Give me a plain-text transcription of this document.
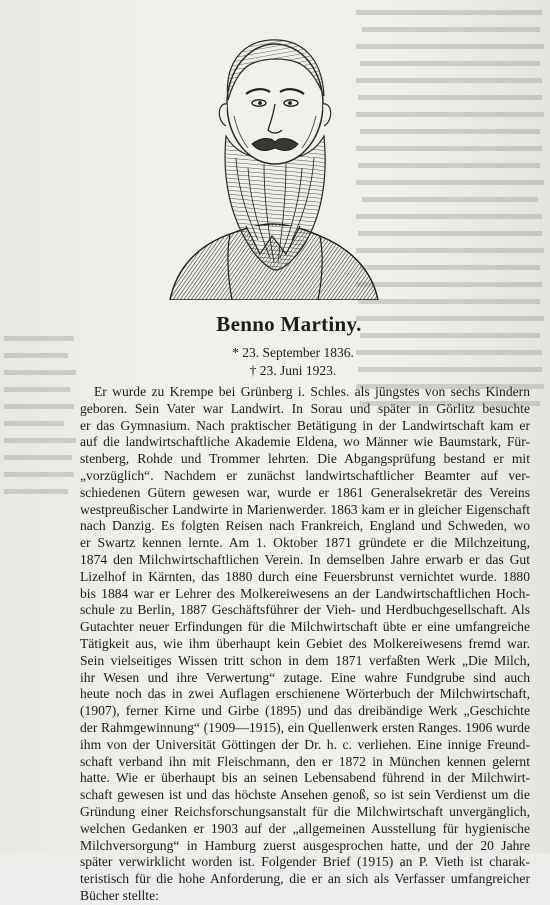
Benno Martiny.
* 23. September 1836.
† 23. Juni 1923.
Er wurde zu Krempe bei Grünberg i. Schles. als jüngstes von sechs Kindern
geboren. Sein Vater war Landwirt. In Sorau und später in Görlitz besuchte
er das Gymnasium. Nach praktischer Betätigung in der Landwirtschaft kam er
auf die landwirtschaftliche Akademie Eldena, wo Männer wie Baumstark, Für-
stenberg, Rohde und Trommer lehrten. Die Abgangsprüfung bestand er mit
„vorzüglich“. Nachdem er zunächst landwirtschaftlicher Beamter auf ver-
schiedenen Gütern gewesen war, wurde er 1861 Generalsekretär des Vereins
westpreußischer Landwirte in Marienwerder. 1863 kam er in gleicher Eigenschaft
nach Danzig. Es folgten Reisen nach Frankreich, England und Schweden, wo
er Swartz kennen lernte. Am 1. Oktober 1871 gründete er die Milchzeitung,
1874 den Milchwirtschaftlichen Verein. In demselben Jahre erwarb er das Gut
Lizelhof in Kärnten, das 1880 durch eine Feuersbrunst vernichtet wurde. 1880
bis 1884 war er Lehrer des Molkereiwesens an der Landwirtschaftlichen Hoch-
schule zu Berlin, 1887 Geschäftsführer der Vieh- und Herdbuchgesellschaft. Als
Gutachter neuer Erfindungen für die Milchwirtschaft übte er eine umfangreiche
Tätigkeit aus, wie ihm überhaupt kein Gebiet des Molkereiwesens fremd war.
Sein vielseitiges Wissen tritt schon in dem 1871 verfaßten Werk „Die Milch,
ihr Wesen und ihre Verwertung“ zutage. Eine wahre Fundgrube sind auch
heute noch das in zwei Auflagen erschienene Wörterbuch der Milchwirtschaft,
(1907), ferner Kirne und Girbe (1895) und das dreibändige Werk „Geschichte
der Rahmgewinnung“ (1909—1915), ein Quellenwerk ersten Ranges. 1906 wurde
ihm von der Universität Göttingen der Dr. h. c. verliehen. Eine innige Freund-
schaft verband ihn mit Fleischmann, den er 1872 in München kennen gelernt
hatte. Wie er überhaupt bis an seinen Lebensabend führend in der Milchwirt-
schaft gewesen ist und das höchste Ansehen genoß, so ist sein Verdienst um die
Gründung einer Reichsforschungsanstalt für die Milchwirtschaft unvergänglich,
welchen Gedanken er 1903 auf der „allgemeinen Ausstellung für hygienische
Milchversorgung“ in Hamburg zuerst ausgesprochen hatte, und der 20 Jahre
später verwirklicht worden ist. Folgender Brief (1915) an P. Vieth ist charak-
teristisch für die hohe Anforderung, die er an sich als Verfasser umfangreicher
Bücher stellte:
